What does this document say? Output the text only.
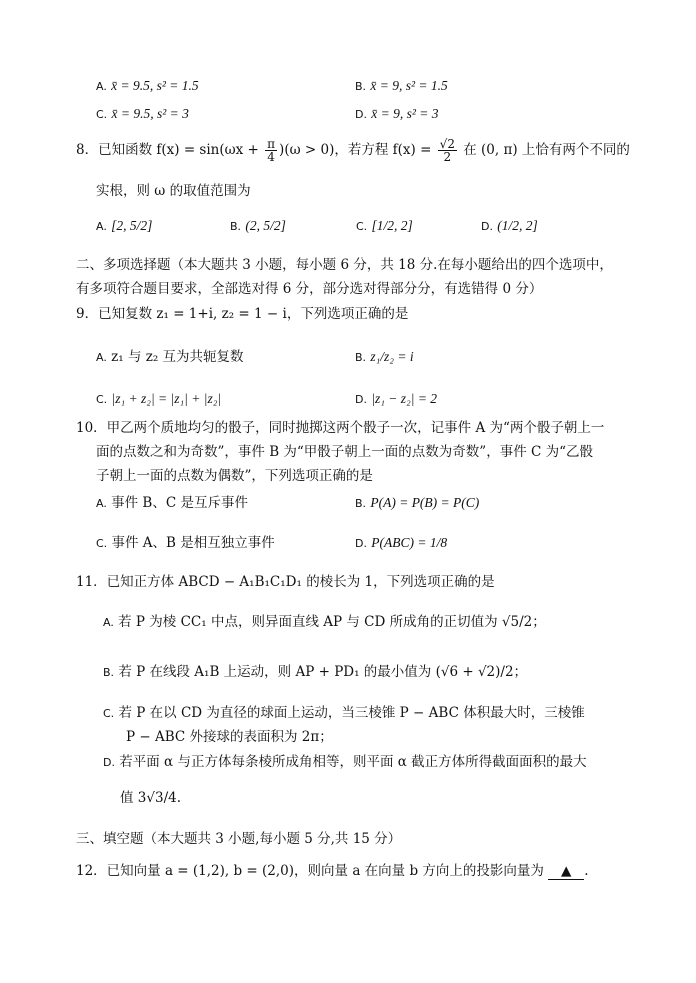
A. x̄ = 9.5, s² = 1.5	B. x̄ = 9, s² = 1.5
C. x̄ = 9.5, s² = 3	D. x̄ = 9, s² = 3
8．已知函数 $f(x) = \sin(\omega x + \frac{\pi}{4} )(\omega > 0)$，若方程 $f(x) = \frac{√2}{2}$ 在 (0, π) 上恰有两个不同的
实根，则 ω 的取值范围为
A. [2, 5/2]	B. (2, 5/2]	C. [1/2, 2]	D. (1/2, 2]
二、多项选择题（本大题共 3 小题，每小题 6 分，共 18 分.在每小题给出的四个选项中，
有多项符合题目要求，全部选对得 6 分，部分选对得部分分，有选错得 0 分）
9．已知复数 z₁ = 1+i, z₂ = 1 − i，下列选项正确的是
A. z₁ 与 z₂ 互为共轭复数	B. z₁/z₂ = i
C. |z₁ + z₂| = |z₁| + |z₂|	D. |z₁ − z₂| = 2
10．甲乙两个质地均匀的骰子，同时抛掷这两个骰子一次，记事件 A 为“两个骰子朝上一
面的点数之和为奇数”，事件 B 为“甲骰子朝上一面的点数为奇数”，事件 C 为“乙骰
子朝上一面的点数为偶数”，下列选项正确的是
A. 事件 B、C 是互斥事件	B. P(A) = P(B) = P(C)
C. 事件 A、B 是相互独立事件	D. P(ABC) = 1/8
11．已知正方体 ABCD − A₁B₁C₁D₁ 的棱长为 1，下列选项正确的是
A. 若 P 为棱 CC₁ 中点，则异面直线 AP 与 CD 所成角的正切值为 √5/2；
B. 若 P 在线段 A₁B 上运动，则 AP + PD₁ 的最小值为 (√6 + √2)/2；
C. 若 P 在以 CD 为直径的球面上运动，当三棱锥 P − ABC 体积最大时，三棱锥
P − ABC 外接球的表面积为 2π；
D. 若平面 α 与正方体每条棱所成角相等，则平面 α 截正方体所得截面面积的最大
值 3√3/4.
三、填空题（本大题共 3 小题,每小题 5 分,共 15 分）
12．已知向量 a = (1,2), b = (2,0)，则向量 a 在向量 b 方向上的投影向量为 ▲ .
